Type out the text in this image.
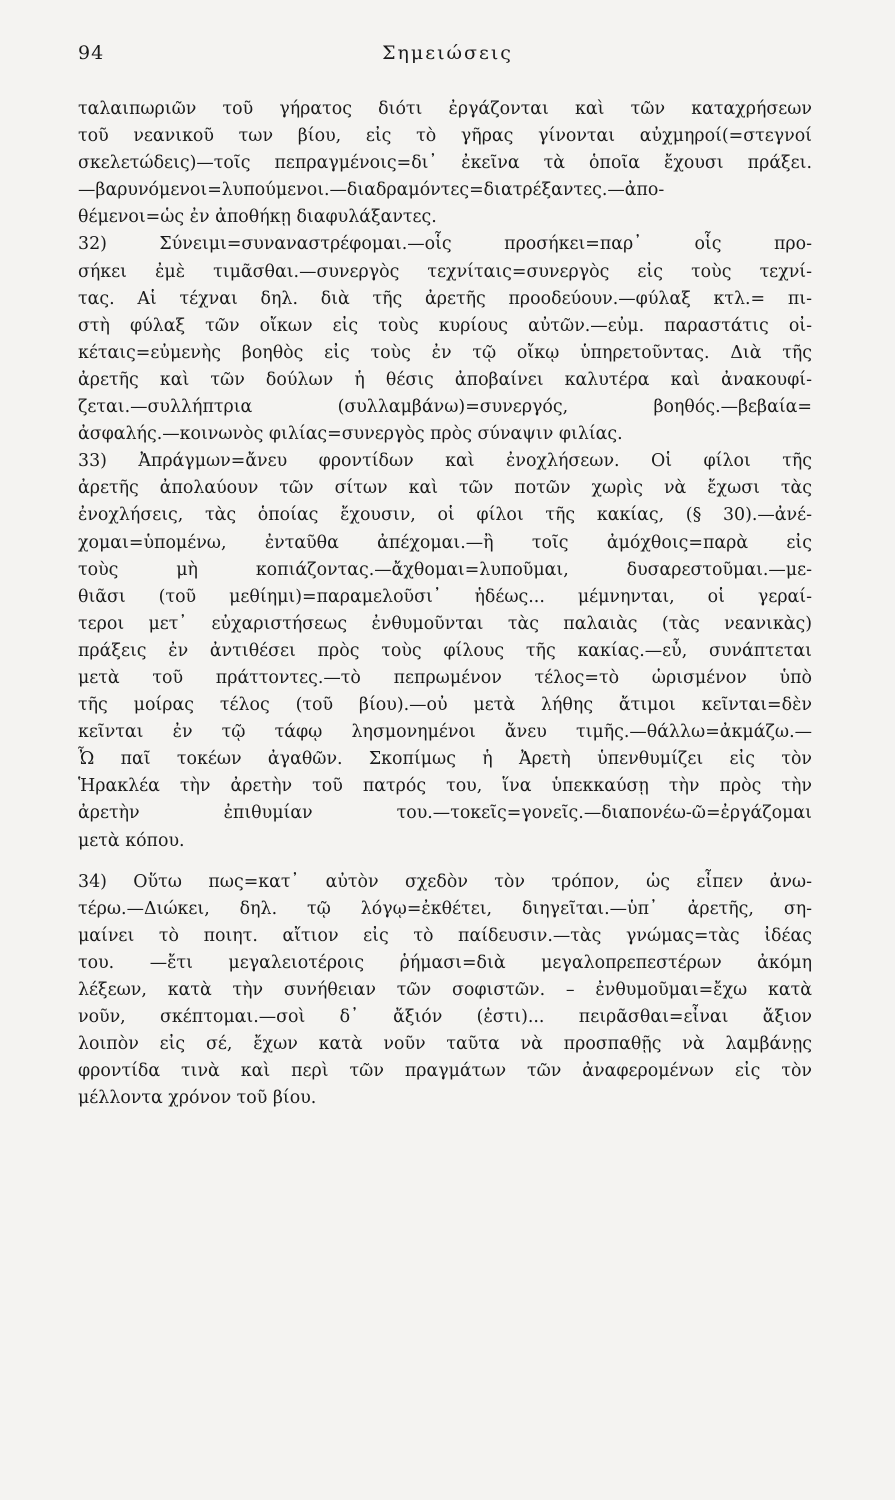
94	Σημειώσεις
ταλαιπωριῶν τοῦ γήρατος διότι ἐργάζονται καὶ τῶν καταχρήσεων
τοῦ νεανικοῦ των βίου, εἰς τὸ γῆρας γίνονται αὐχμηροί(=στεγνοί
σκελετώδεις)—τοῖς πεπραγμένοις=δι᾽ ἐκεῖνα τὰ ὁποῖα ἔχουσι πράξει.
—βαρυνόμενοι=λυπούμενοι.—διαδραμόντες=διατρέξαντες.—ἀπο-
θέμενοι=ὡς ἐν ἀποθήκῃ διαφυλάξαντες.
32) Σύνειμι=συναναστρέφομαι.—οἷς προσήκει=παρ᾽ οἷς προ-
σήκει ἐμὲ τιμᾶσθαι.—συνεργὸς τεχνίταις=συνεργὸς εἰς τοὺς τεχνί-
τας. Αἱ τέχναι δηλ. διὰ τῆς ἀρετῆς προοδεύουν.—φύλαξ κτλ.= πι-
στὴ φύλαξ τῶν οἴκων εἰς τοὺς κυρίους αὐτῶν.—εὐμ. παραστάτις οἰ-
κέταις=εὐμενὴς βοηθὸς εἰς τοὺς ἐν τῷ οἴκῳ ὑπηρετοῦντας. Διὰ τῆς
ἀρετῆς καὶ τῶν δούλων ἡ θέσις ἀποβαίνει καλυτέρα καὶ ἀνακουφί-
ζεται.—συλλήπτρια (συλλαμβάνω)=συνεργός, βοηθός.—βεβαία=
ἀσφαλής.—κοινωνὸς φιλίας=συνεργὸς πρὸς σύναψιν φιλίας.
33) Ἀπράγμων=ἄνευ φροντίδων καὶ ἐνοχλήσεων. Οἱ φίλοι τῆς
ἀρετῆς ἀπολαύουν τῶν σίτων καὶ τῶν ποτῶν χωρὶς νὰ ἔχωσι τὰς
ἐνοχλήσεις, τὰς ὁποίας ἔχουσιν, οἱ φίλοι τῆς κακίας, (§ 30).—ἀνέ-
χομαι=ὑπομένω, ἐνταῦθα ἀπέχομαι.—ἢ τοῖς ἀμόχθοις=παρὰ εἰς
τοὺς μὴ κοπιάζοντας.—ἄχθομαι=λυποῦμαι, δυσαρεστοῦμαι.—με-
θιᾶσι (τοῦ μεθίημι)=παραμελοῦσι᾽ ἡδέως... μέμνηνται, οἱ γεραί-
τεροι μετ᾽ εὐχαριστήσεως ἐνθυμοῦνται τὰς παλαιὰς (τὰς νεανικὰς)
πράξεις ἐν ἀντιθέσει πρὸς τοὺς φίλους τῆς κακίας.—εὖ, συνάπτεται
μετὰ τοῦ πράττοντες.—τὸ πεπρωμένον τέλος=τὸ ὡρισμένον ὑπὸ
τῆς μοίρας τέλος (τοῦ βίου).—οὐ μετὰ λήθης ἄτιμοι κεῖνται=δὲν
κεῖνται ἐν τῷ τάφῳ λησμονημένοι ἄνευ τιμῆς.—θάλλω=ἀκμάζω.—
Ὦ παῖ τοκέων ἀγαθῶν. Σκοπίμως ἡ Ἀρετὴ ὑπενθυμίζει εἰς τὸν
Ἡρακλέα τὴν ἀρετὴν τοῦ πατρός του, ἵνα ὑπεκκαύσῃ τὴν πρὸς τὴν
ἀρετὴν ἐπιθυμίαν του.—τοκεῖς=γονεῖς.—διαπονέω-ῶ=ἐργάζομαι
μετὰ κόπου.
34) Οὕτω πως=κατ᾽ αὐτὸν σχεδὸν τὸν τρόπον, ὡς εἶπεν ἀνω-
τέρω.—Διώκει, δηλ. τῷ λόγῳ=ἐκθέτει, διηγεῖται.—ὑπ᾽ ἀρετῆς, ση-
μαίνει τὸ ποιητ. αἴτιον εἰς τὸ παίδευσιν.—τὰς γνώμας=τὰς ἰδέας
του. —ἔτι μεγαλειοτέροις ῥήμασι=διὰ μεγαλοπρεπεστέρων ἀκόμη
λέξεων, κατὰ τὴν συνήθειαν τῶν σοφιστῶν. – ἐνθυμοῦμαι=ἔχω κατὰ
νοῦν, σκέπτομαι.—σοὶ δ᾽ ἄξιόν (ἐστι)... πειρᾶσθαι=εἶναι ἄξιον
λοιπὸν εἰς σέ, ἔχων κατὰ νοῦν ταῦτα νὰ προσπαθῇς νὰ λαμβάνῃς
φροντίδα τινὰ καὶ περὶ τῶν πραγμάτων τῶν ἀναφερομένων εἰς τὸν
μέλλοντα χρόνον τοῦ βίου.
